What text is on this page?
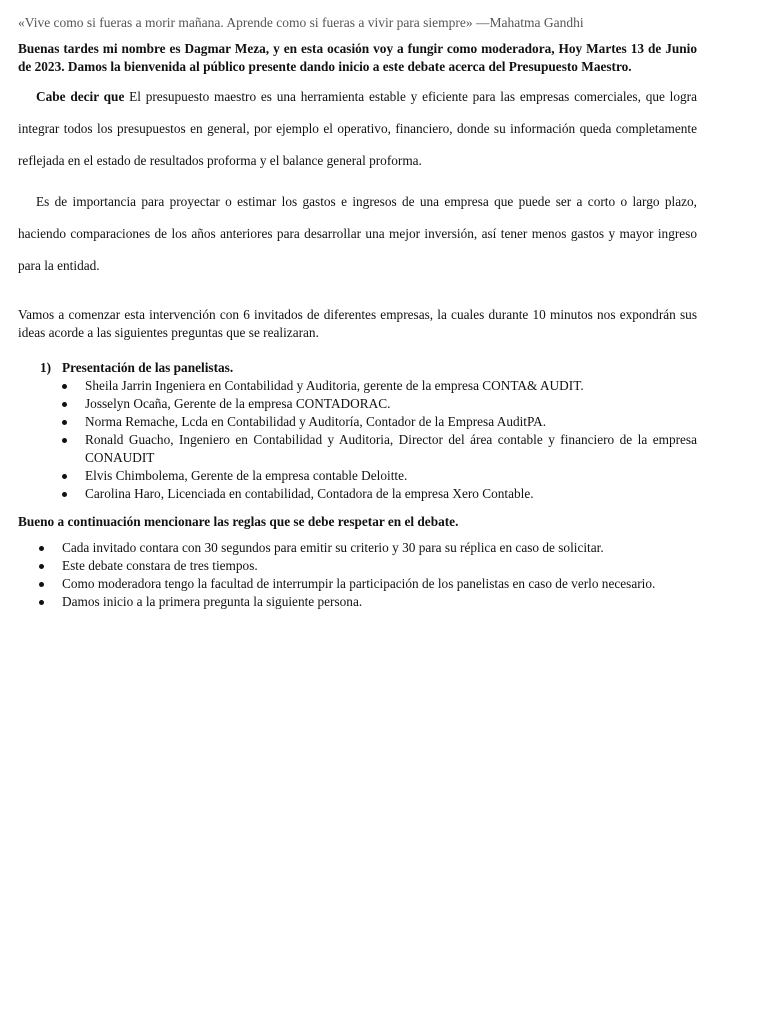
«Vive como si fueras a morir mañana. Aprende como si fueras a vivir para siempre» —Mahatma Gandhi

Buenas tardes mi nombre es Dagmar Meza, y en esta ocasión voy a fungir como moderadora, Hoy Martes 13 de Junio de 2023. Damos la bienvenida al público presente dando inicio a este debate acerca del Presupuesto Maestro.

Cabe decir que El presupuesto maestro es una herramienta estable y eficiente para las empresas comerciales, que logra integrar todos los presupuestos en general, por ejemplo el operativo, financiero, donde su información queda completamente reflejada en el estado de resultados proforma y el balance general proforma.

Es de importancia para proyectar o estimar los gastos e ingresos de una empresa que puede ser a corto o largo plazo, haciendo comparaciones de los años anteriores para desarrollar una mejor inversión, así tener menos gastos y mayor ingreso para la entidad.

Vamos a comenzar esta intervención con 6 invitados de diferentes empresas, la cuales durante 10 minutos nos expondrán sus ideas acorde a las siguientes preguntas que se realizaran.

1) Presentación de las panelistas.
Sheila Jarrin Ingeniera en Contabilidad y Auditoria, gerente de la empresa CONTA& AUDIT.
Josselyn Ocaña, Gerente de la empresa CONTADORAC.
Norma Remache, Lcda en Contabilidad y Auditoría, Contador de la Empresa AuditPA.
Ronald Guacho, Ingeniero en Contabilidad y Auditoria, Director del área contable y financiero de la empresa CONAUDIT
Elvis Chimbolema, Gerente de la empresa contable Deloitte.
Carolina Haro, Licenciada en contabilidad, Contadora de la empresa Xero Contable.

Bueno a continuación mencionare las reglas que se debe respetar en el debate.

Cada invitado contara con 30 segundos para emitir su criterio y 30 para su réplica en caso de solicitar.
Este debate constara de tres tiempos.
Como moderadora tengo la facultad de interrumpir la participación de los panelistas en caso de verlo necesario.
Damos inicio a la primera pregunta la siguiente persona.
